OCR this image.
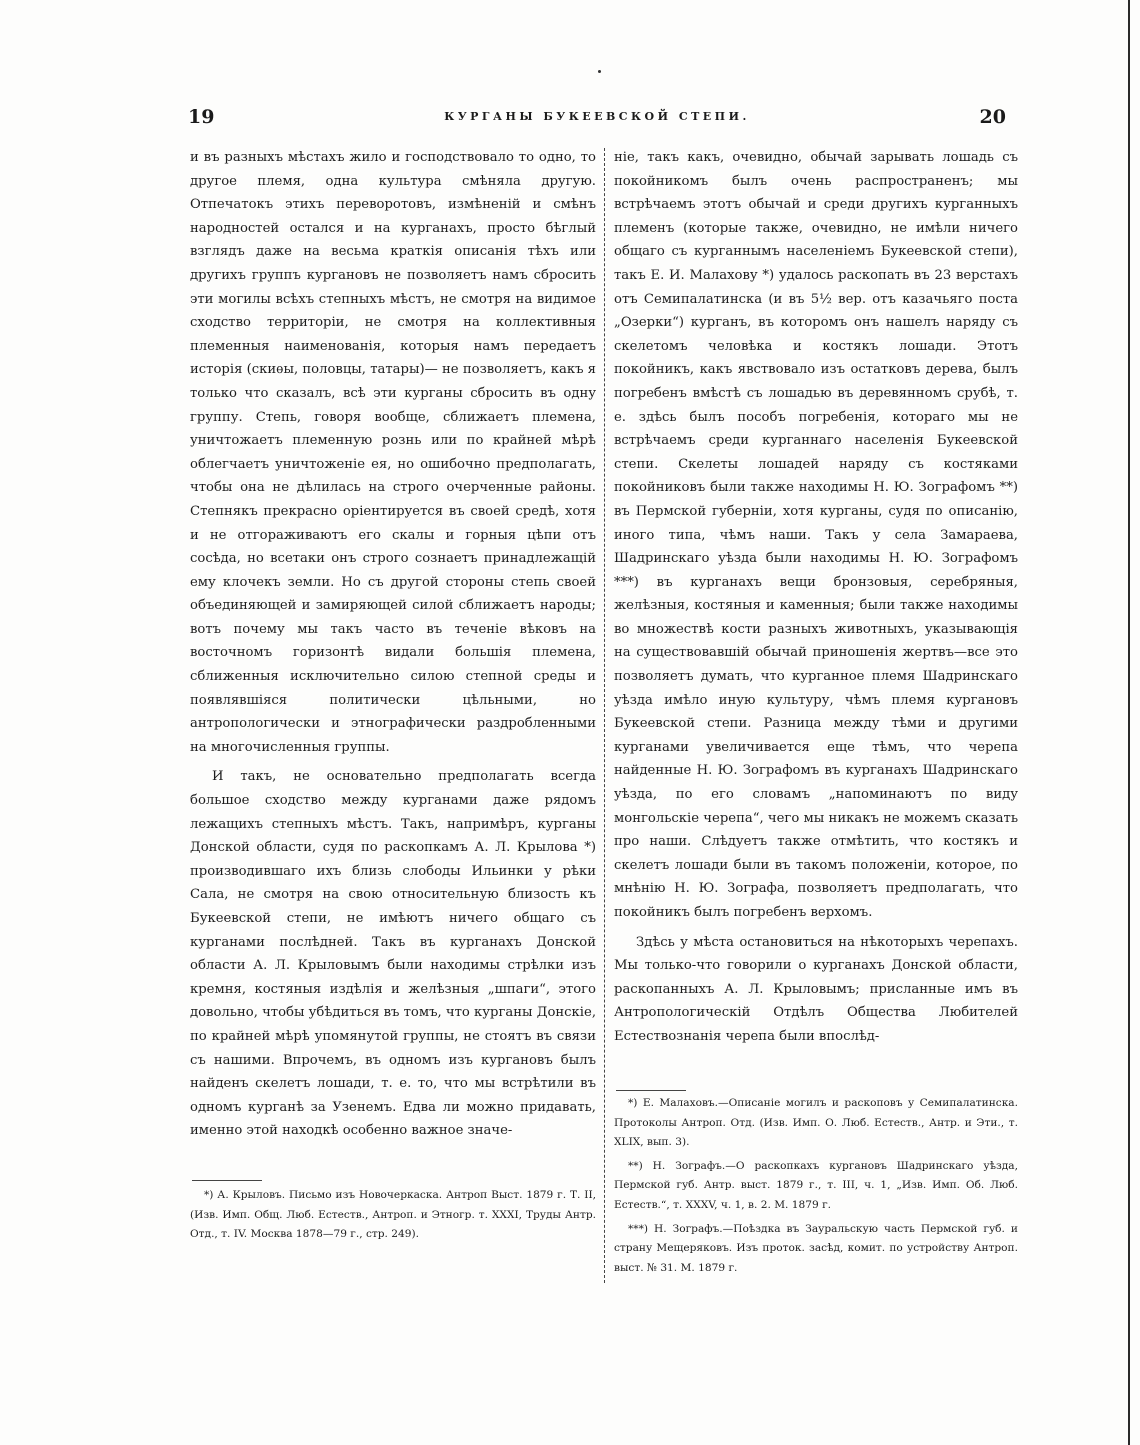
19	КУРГАНЫ БУКЕЕВСКОЙ СТЕПИ.	20

и въ разныхъ мѣстахъ жило и господствовало то одно, то другое племя, одна культура смѣняла другую. Отпечатокъ этихъ переворотовъ, измѣненій и смѣнъ народностей остался и на курганахъ, просто бѣглый взглядъ даже на весьма краткія описанія тѣхъ или другихъ группъ кургановъ не позволяетъ намъ сбросить эти могилы всѣхъ степныхъ мѣстъ, не смотря на видимое сходство территоріи, не смотря на коллективныя племенныя наименованія, которыя намъ передаетъ исторія (скиѳы, половцы, татары)— не позволяетъ, какъ я только что сказалъ, всѣ эти курганы сбросить въ одну группу. Степь, говоря вообще, сближаетъ племена, уничтожаетъ племенную рознь или по крайней мѣрѣ облегчаетъ уничтоженіе ея, но ошибочно предполагать, чтобы она не дѣлилась на строго очерченные районы. Степнякъ прекрасно оріентируется въ своей средѣ, хотя и не отгораживаютъ его скалы и горныя цѣпи отъ сосѣда, но всетаки онъ строго сознаетъ принадлежащій ему клочекъ земли. Но съ другой стороны степь своей объединяющей и замиряющей силой сближаетъ народы; вотъ почему мы такъ часто въ теченіе вѣковъ на восточномъ горизонтѣ видали большія племена, сближенныя исключительно силою степной среды и появлявшіяся политически цѣльными, но антропологически и этнографически раздробленными на многочисленныя группы.

И такъ, не основательно предполагать всегда большое сходство между курганами даже рядомъ лежащихъ степныхъ мѣстъ. Такъ, напримѣръ, курганы Донской области, судя по раскопкамъ А. Л. Крылова *) производившаго ихъ близь слободы Ильинки у рѣки Сала, не смотря на свою относительную близость къ Букеевской степи, не имѣютъ ничего общаго съ курганами послѣдней. Такъ въ курганахъ Донской области А. Л. Крыловымъ были находимы стрѣлки изъ кремня, костяныя издѣлія и желѣзныя „шпаги“, этого довольно, чтобы убѣдиться въ томъ, что курганы Донскіе, по крайней мѣрѣ упомянутой группы, не стоятъ въ связи съ нашими. Впрочемъ, въ одномъ изъ кургановъ былъ найденъ скелетъ лошади, т. е. то, что мы встрѣтили въ одномъ курганѣ за Узенемъ. Едва ли можно придавать, именно этой находкѣ особенно важное значе-

ніе, такъ какъ, очевидно, обычай зарывать лошадь съ покойникомъ былъ очень распространенъ; мы встрѣчаемъ этотъ обычай и среди другихъ курганныхъ племенъ (которые также, очевидно, не имѣли ничего общаго съ курганнымъ населеніемъ Букеевской степи), такъ Е. И. Малахову *) удалось раскопать въ 23 верстахъ отъ Семипалатинска (и въ 5½ вер. отъ казачьяго поста „Озерки“) курганъ, въ которомъ онъ нашелъ наряду съ скелетомъ человѣка и костякъ лошади. Этотъ покойникъ, какъ явствовало изъ остатковъ дерева, былъ погребенъ вмѣстѣ съ лошадью въ деревянномъ срубѣ, т. е. здѣсь былъ пособъ погребенія, котораго мы не встрѣчаемъ среди курганнаго населенія Букеевской степи. Скелеты лошадей наряду съ костяками покойниковъ были также находимы Н. Ю. Зографомъ **) въ Пермской губерніи, хотя курганы, судя по описанію, иного типа, чѣмъ наши. Такъ у села Замараева, Шадринскаго уѣзда были находимы Н. Ю. Зографомъ ***) въ курганахъ вещи бронзовыя, серебряныя, желѣзныя, костяныя и каменныя; были также находимы во множествѣ кости разныхъ животныхъ, указывающія на существовавшій обычай приношенія жертвъ—все это позволяетъ думать, что курганное племя Шадринскаго уѣзда имѣло иную культуру, чѣмъ племя кургановъ Букеевской степи. Разница между тѣми и другими курганами увеличивается еще тѣмъ, что черепа найденные Н. Ю. Зографомъ въ курганахъ Шадринскаго уѣзда, по его словамъ „напоминаютъ по виду монгольскіе черепа“, чего мы никакъ не можемъ сказать про наши. Слѣдуетъ также отмѣтить, что костякъ и скелетъ лошади были въ такомъ положеніи, которое, по мнѣнію Н. Ю. Зографа, позволяетъ предполагать, что покойникъ былъ погребенъ верхомъ.

Здѣсь у мѣста остановиться на нѣкоторыхъ черепахъ. Мы только-что говорили о курганахъ Донской области, раскопанныхъ А. Л. Крыловымъ; присланные имъ въ Антропологическій Отдѣлъ Общества Любителей Естествознанія черепа были впослѣд-

*) А. Крыловъ. Письмо изъ Новочеркаска. Антроп Выст. 1879 г. Т. II, (Изв. Имп. Общ. Люб. Естеств., Антроп. и Этногр. т. XXXI, Труды Антр. Отд., т. IV. Москва 1878—79 г., стр. 249).

*) Е. Малаховъ.—Описаніе могилъ и раскоповъ у Семипалатинска. Протоколы Антроп. Отд. (Изв. Имп. О. Люб. Естеств., Антр. и Эти., т. XLIX, вып. 3).

**) Н. Зографъ.—О раскопкахъ кургановъ Шадринскаго уѣзда, Пермской губ. Антр. выст. 1879 г., т. III, ч. 1, „Изв. Имп. Об. Люб. Естеств.“, т. XXXV, ч. 1, в. 2. М. 1879 г.

***) Н. Зографъ.—Поѣздка въ Зауральскую часть Пермской губ. и страну Мещеряковъ. Изъ проток. засѣд, комит. по устройству Антроп. выст. № 31. М. 1879 г.
